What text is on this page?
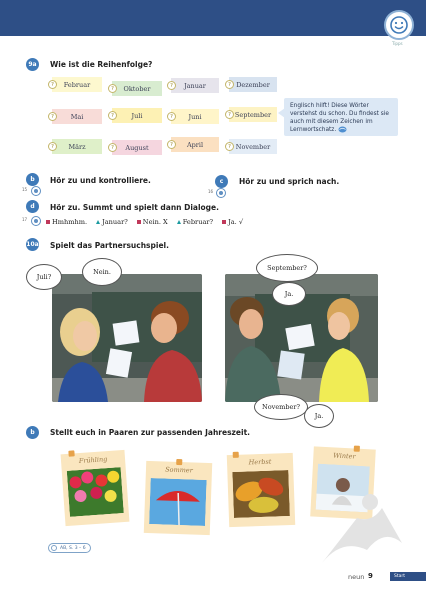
Tipps
9a	Wie ist die Reihenfolge?
?	Februar	?	Oktober	?	Januar	? Dezember
?	Mai	?	Juli	?	Juni	? September
?	März	?	August	?	April	? November
Englisch hilft! Diese Wörter verstehst du schon. Du findest sie auch mit diesem Zeichen im Lernwortschatz.
b	Hör zu und kontrolliere.
15
c	Hör zu und sprich nach.
16
d	Hör zu. Summt und spielt dann Dialoge.
17	Hmhmhm. Januar? Nein. X Februar? Ja. √
10a Spielt das Partnersuchspiel.
Juli?
Nein.	September?
Ja.
November?
Ja.
b	Stellt euch in Paaren zur passenden Jahreszeit.
Frühling
Sommer
Herbst
Winter
AB, S. 3 – 6
neun 9	Start
